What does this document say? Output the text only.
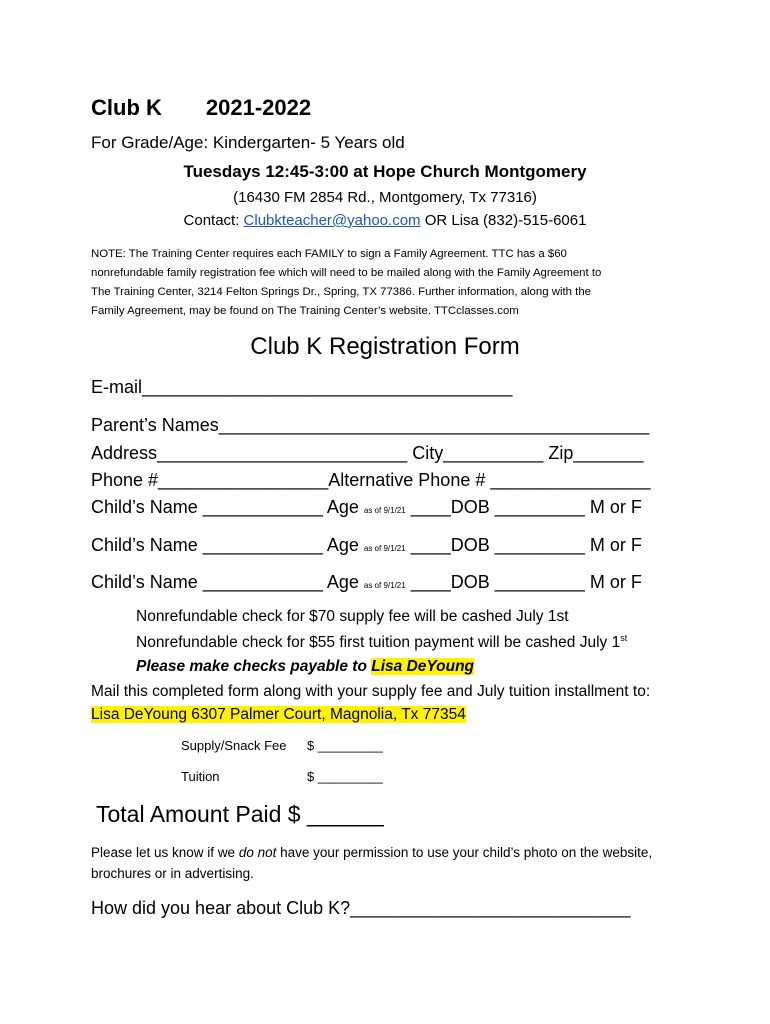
Club K 2021-2022
For Grade/Age: Kindergarten- 5 Years old
Tuesdays 12:45-3:00 at Hope Church Montgomery
(16430 FM 2854 Rd., Montgomery, Tx 77316)
Contact: Clubkteacher@yahoo.com OR Lisa (832)-515-6061
NOTE: The Training Center requires each FAMILY to sign a Family Agreement. TTC has a $60
nonrefundable family registration fee which will need to be mailed along with the Family Agreement to
The Training Center, 3214 Felton Springs Dr., Spring, TX 77386. Further information, along with the
Family Agreement, may be found on The Training Center’s website. TTCclasses.com
Club K Registration Form
E-mail_____________________________________
Parent’s Names___________________________________________
Address_________________________ City__________ Zip_______
Phone #_________________Alternative Phone # ________________
Child’s Name ____________ Age as of 9/1/21 ____DOB _________ M or F
Child’s Name ____________ Age as of 9/1/21 ____DOB _________ M or F
Child’s Name ____________ Age as of 9/1/21 ____DOB _________ M or F
Nonrefundable check for $70 supply fee will be cashed July 1st
Nonrefundable check for $55 first tuition payment will be cashed July 1st
Please make checks payable to Lisa DeYoung
Mail this completed form along with your supply fee and July tuition installment to:
Lisa DeYoung 6307 Palmer Court, Magnolia, Tx 77354
Supply/Snack Fee $ _________
Tuition	$ _________
Total Amount Paid $ ______
Please let us know if we do not have your permission to use your child’s photo on the website,
brochures or in advertising.
How did you hear about Club K?____________________________
